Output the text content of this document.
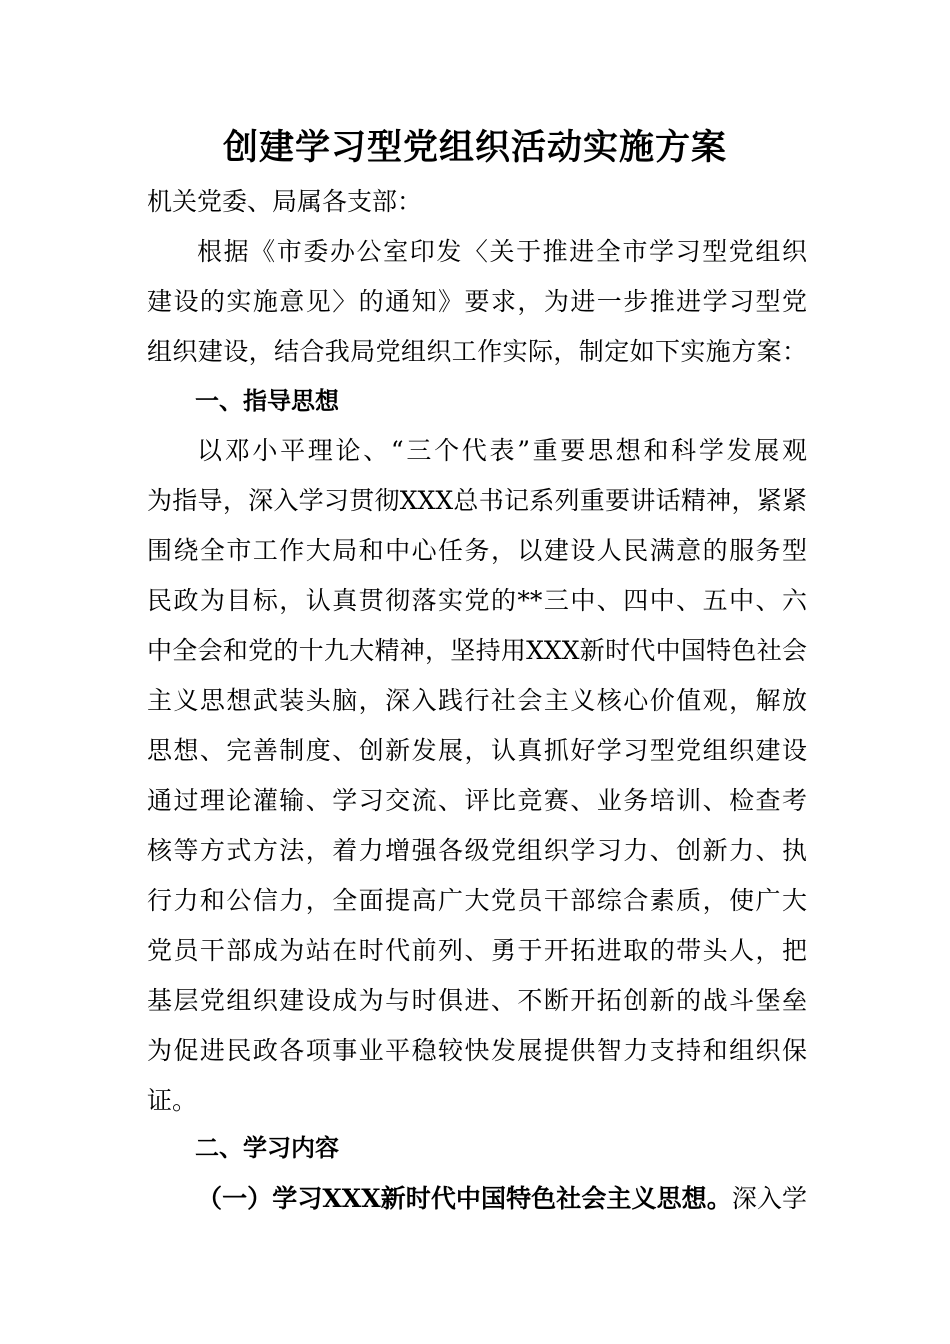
创建学习型党组织活动实施方案
机关党委、局属各支部：
根据《市委办公室印发〈关于推进全市学习型党组织
建设的实施意见〉的通知》要求，为进一步推进学习型党
组织建设，结合我局党组织工作实际，制定如下实施方案：
一、指导思想
以邓小平理论、“三个代表”重要思想和科学发展观
为指导，深入学习贯彻XXX总书记系列重要讲话精神，紧紧
围绕全市工作大局和中心任务，以建设人民满意的服务型
民政为目标，认真贯彻落实党的**三中、四中、五中、六
中全会和党的十九大精神，坚持用XXX新时代中国特色社会
主义思想武装头脑，深入践行社会主义核心价值观，解放
思想、完善制度、创新发展，认真抓好学习型党组织建设
通过理论灌输、学习交流、评比竞赛、业务培训、检查考
核等方式方法，着力增强各级党组织学习力、创新力、执
行力和公信力，全面提高广大党员干部综合素质，使广大
党员干部成为站在时代前列、勇于开拓进取的带头人，把
基层党组织建设成为与时俱进、不断开拓创新的战斗堡垒
为促进民政各项事业平稳较快发展提供智力支持和组织保
证。
二、学习内容
（一）学习XXX新时代中国特色社会主义思想。深入学
